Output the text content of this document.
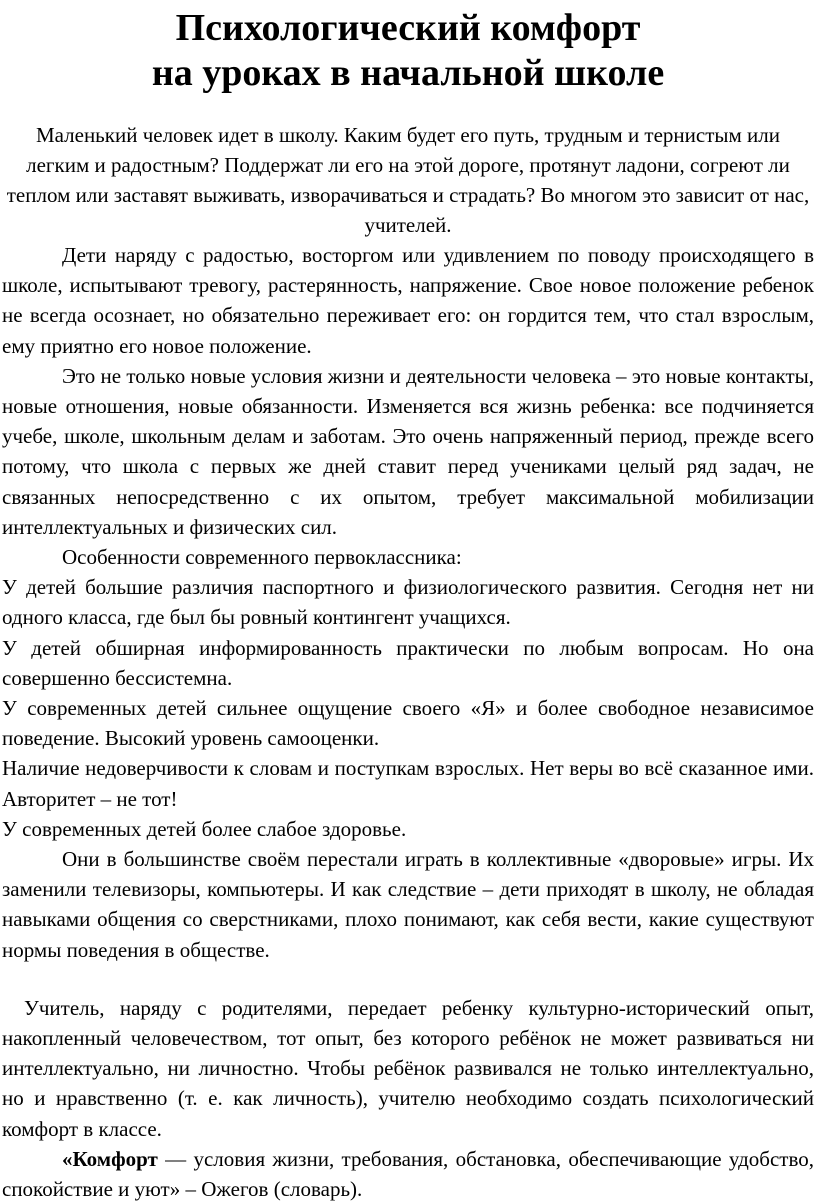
Психологический комфорт
на уроках в начальной школе

Маленький человек идет в школу. Каким будет его путь, трудным и тернистым или легким и радостным? Поддержат ли его на этой дороге, протянут ладони, согреют ли теплом или заставят выживать, изворачиваться и страдать? Во многом это зависит от нас, учителей.

Дети наряду с радостью, восторгом или удивлением по поводу происходящего в школе, испытывают тревогу, растерянность, напряжение. Свое новое положение ребенок не всегда осознает, но обязательно переживает его: он гордится тем, что стал взрослым, ему приятно его новое положение.

Это не только новые условия жизни и деятельности человека – это новые контакты, новые отношения, новые обязанности. Изменяется вся жизнь ребенка: все подчиняется учебе, школе, школьным делам и заботам. Это очень напряженный период, прежде всего потому, что школа с первых же дней ставит перед учениками целый ряд задач, не связанных непосредственно с их опытом, требует максимальной мобилизации интеллектуальных и физических сил.

Особенности современного первоклассника:

У детей большие различия паспортного и физиологического развития. Сегодня нет ни одного класса, где был бы ровный контингент учащихся.

У детей обширная информированность практически по любым вопросам. Но она совершенно бессистемна.

У современных детей сильнее ощущение своего «Я» и более свободное независимое поведение. Высокий уровень самооценки.

Наличие недоверчивости к словам и поступкам взрослых. Нет веры во всё сказанное ими. Авторитет – не тот!

У современных детей более слабое здоровье.

Они в большинстве своём перестали играть в коллективные «дворовые» игры. Их заменили телевизоры, компьютеры. И как следствие – дети приходят в школу, не обладая навыками общения со сверстниками, плохо понимают, как себя вести, какие существуют нормы поведения в обществе.

Учитель, наряду с родителями, передает ребенку культурно-исторический опыт, накопленный человечеством, тот опыт, без которого ребёнок не может развиваться ни интеллектуально, ни личностно. Чтобы ребёнок развивался не только интеллектуально, но и нравственно (т. е. как личность), учителю необходимо создать психологический комфорт в классе.

«Комфорт — условия жизни, требования, обстановка, обеспечивающие удобство, спокойствие и уют» – Ожегов (словарь).
